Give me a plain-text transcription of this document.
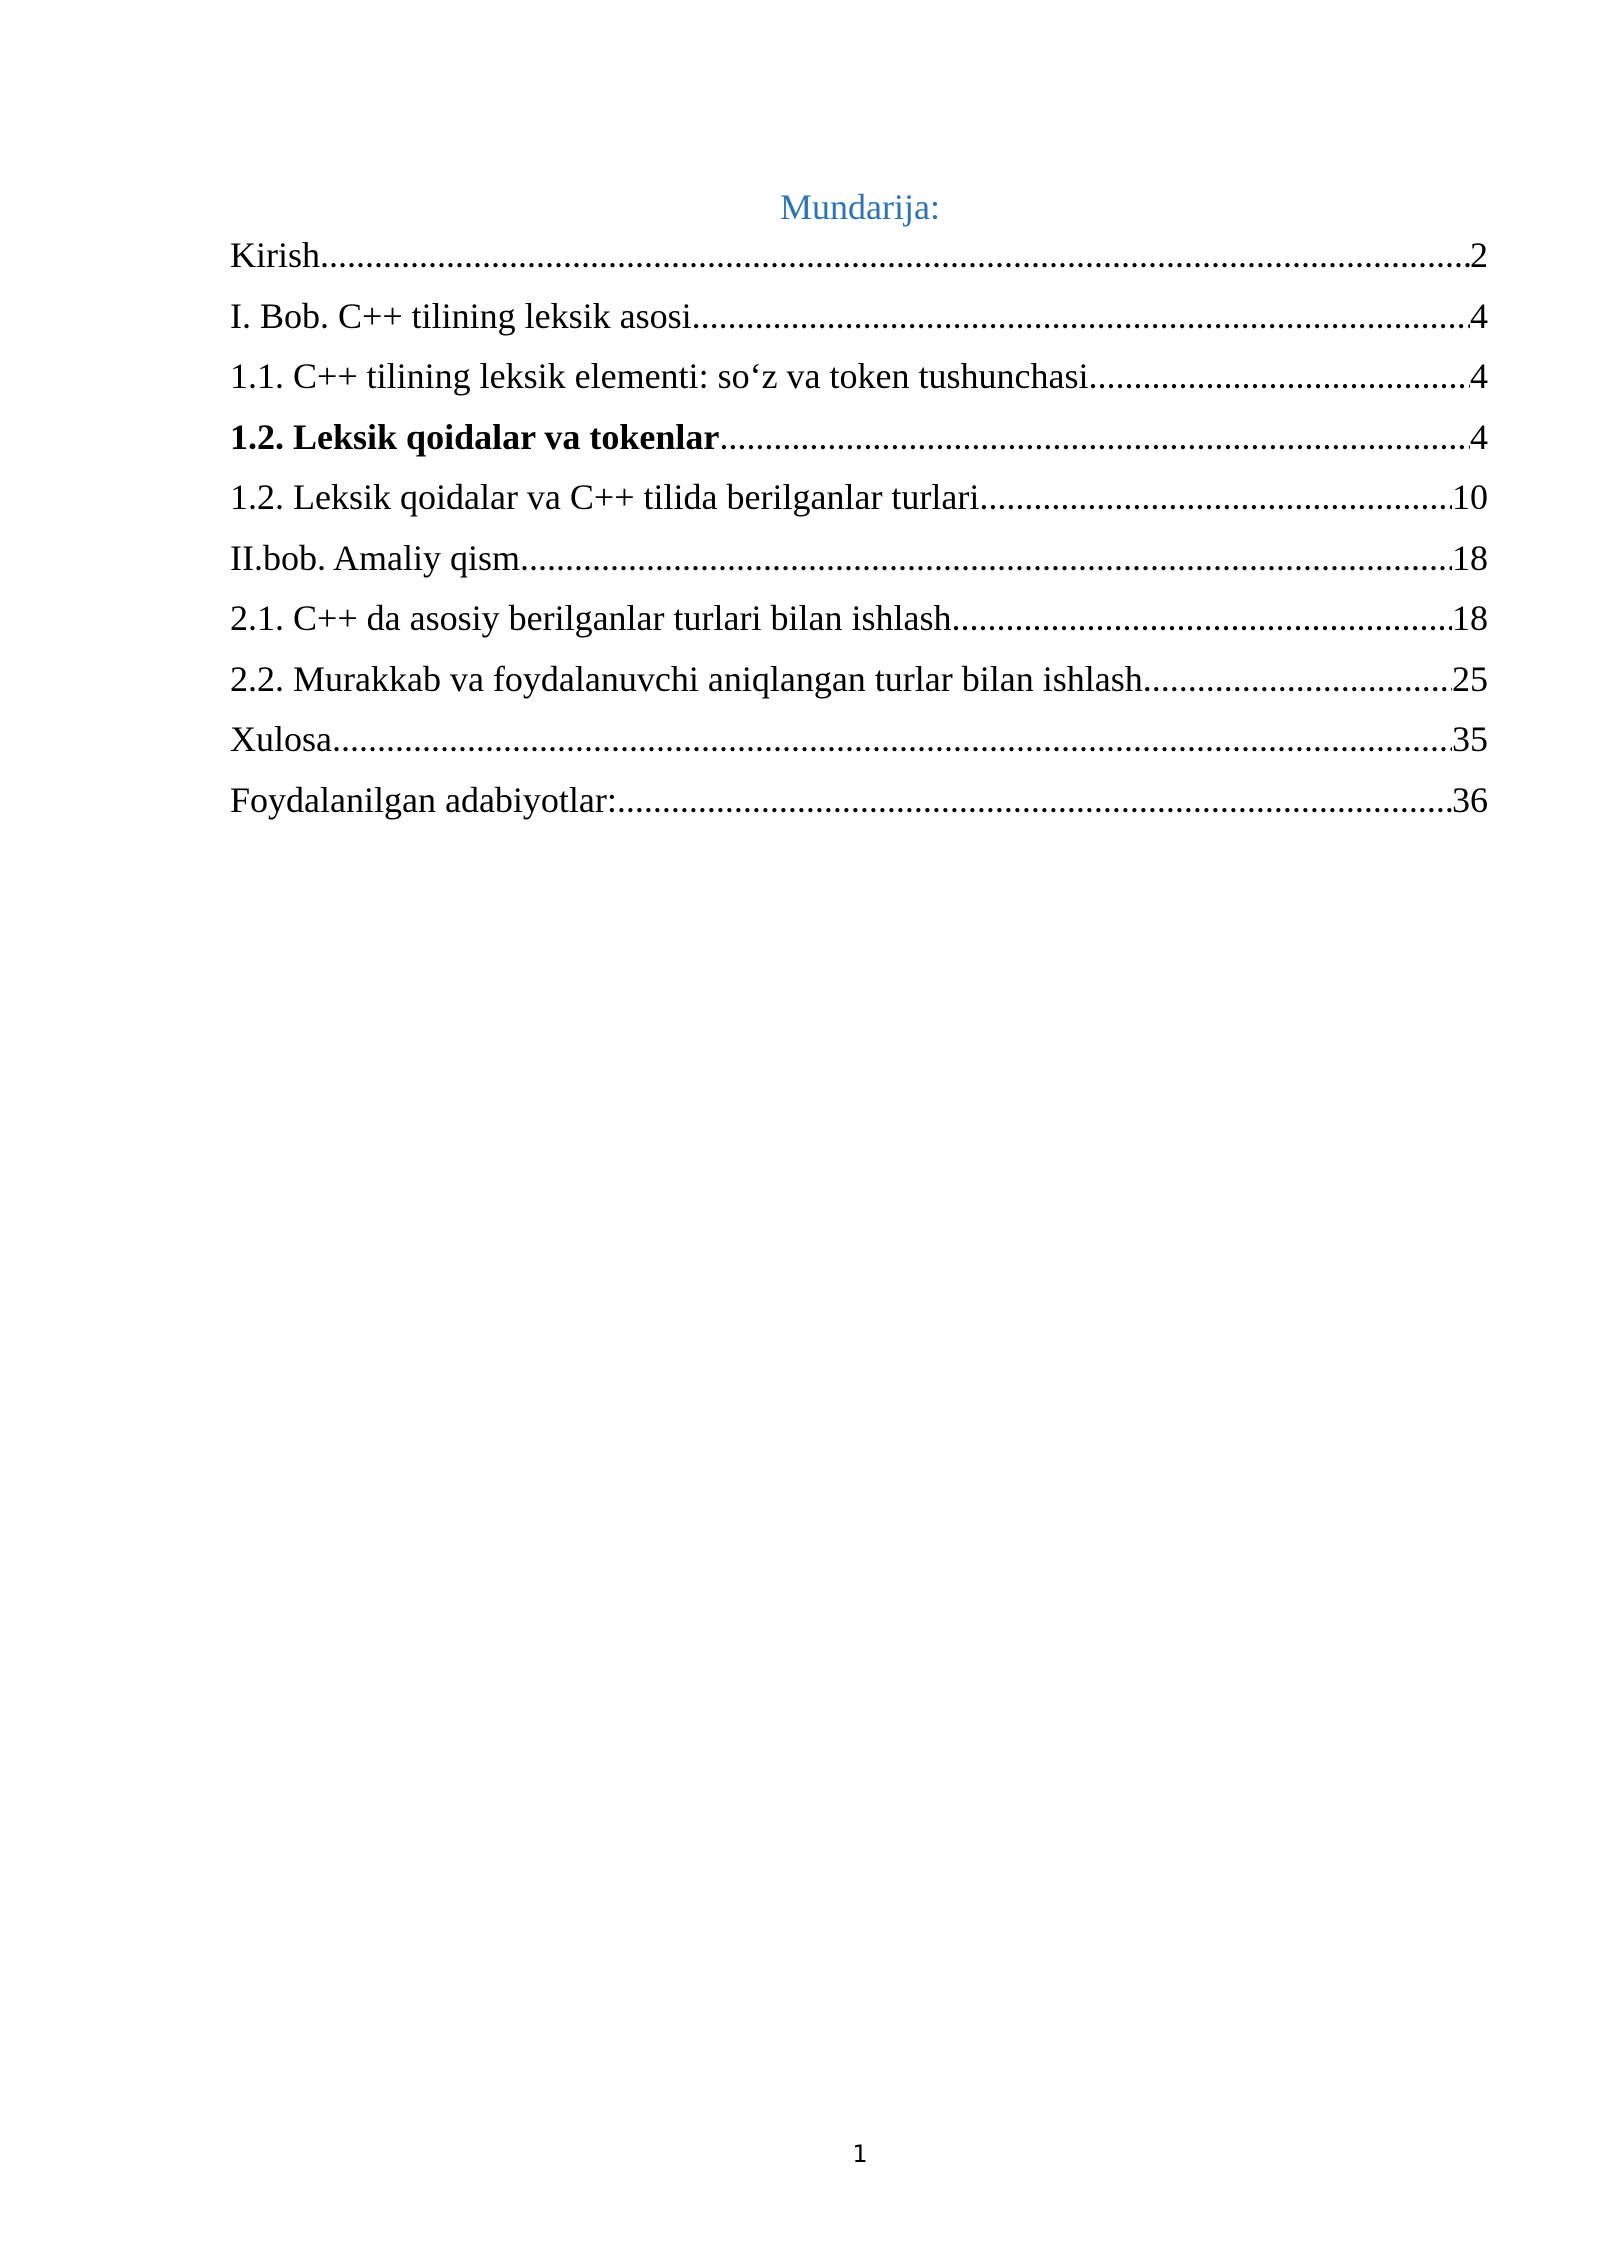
Mundarija:
Kirish .....	2
I. Bob. C++ tilining leksik asosi .....	4
1.1. C++ tilining leksik elementi: so‘z va token tushunchasi .....	4
1.2. Leksik qoidalar va tokenlar .....	4
1.2. Leksik qoidalar va C++ tilida berilganlar turlari .....	10
II.bob. Amaliy qism .....	18
2.1. C++ da asosiy berilganlar turlari bilan ishlash .....	18
2.2. Murakkab va foydalanuvchi aniqlangan turlar bilan ishlash .....	25
Xulosa .....	35
Foydalanilgan adabiyotlar: .....	36
1
